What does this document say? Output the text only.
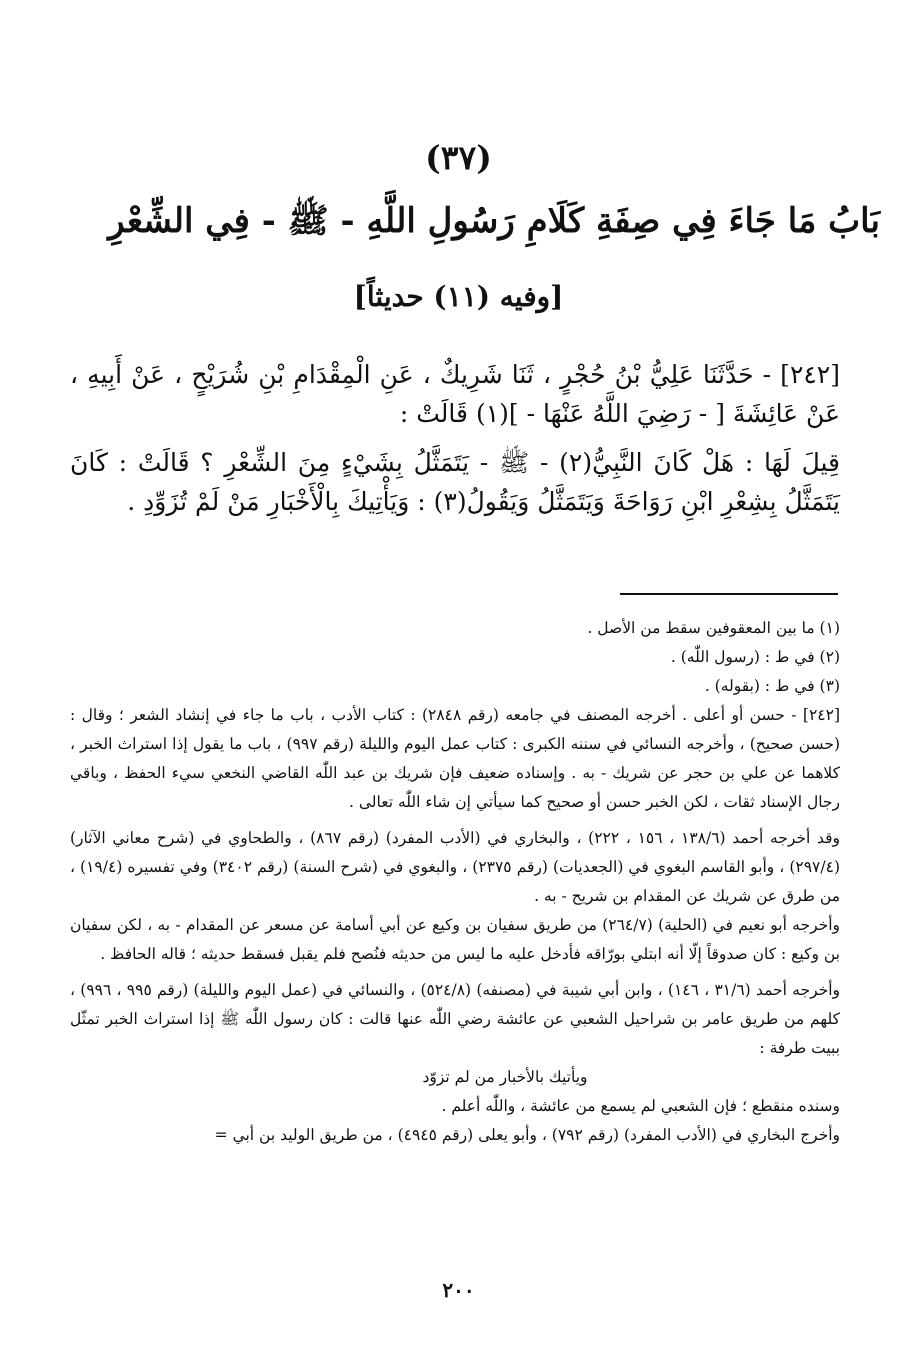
(٣٧)
بَابُ مَا جَاءَ فِي صِفَةِ كَلَامِ رَسُولِ اللَّهِ - ﷺ - فِي الشِّعْرِ
[وفيه (١١) حديثاً]

[٢٤٢] - حَدَّثَنَا عَلِيُّ بْنُ حُجْرٍ ، ثَنَا شَرِيكٌ ، عَنِ الْمِقْدَامِ بْنِ شُرَيْحٍ ، عَنْ أَبِيهِ ، عَنْ عَائِشَةَ [ - رَضِيَ اللَّهُ عَنْهَا - ](١) قَالَتْ :

قِيلَ لَهَا : هَلْ كَانَ النَّبِيُّ(٢) - ﷺ - يَتَمَثَّلُ بِشَيْءٍ مِنَ الشِّعْرِ ؟ قَالَتْ : كَانَ يَتَمَثَّلُ بِشِعْرِ ابْنِ رَوَاحَةَ وَيَتَمَثَّلُ وَيَقُولُ(٣) : وَيَأْتِيكَ بِالْأَخْبَارِ مَنْ لَمْ تُزَوِّدِ .

(١) ما بين المعقوفين سقط من الأصل .

(٢) في ط : (رسول اللّٰه) .

(٣) في ط : (بقوله) .

[٢٤٢] - حسن أو أعلى . أخرجه المصنف في جامعه (رقم ٢٨٤٨) : كتاب الأدب ، باب ما جاء في إنشاد الشعر ؛ وقال : (حسن صحيح) ، وأخرجه النسائي في سننه الكبرى : كتاب عمل اليوم والليلة (رقم ٩٩٧) ، باب ما يقول إذا استراث الخبر ، كلاهما عن علي بن حجر عن شريك - به . وإسناده ضعيف فإن شريك بن عبد اللّٰه القاضي النخعي سيء الحفظ ، وباقي رجال الإسناد ثقات ، لكن الخبر حسن أو صحيح كما سيأتي إن شاء اللّٰه تعالى .

وقد أخرجه أحمد (١٣٨/٦ ، ١٥٦ ، ٢٢٢) ، والبخاري في (الأدب المفرد) (رقم ٨٦٧) ، والطحاوي في (شرح معاني الآثار) (٢٩٧/٤) ، وأبو القاسم البغوي في (الجعديات) (رقم ٢٣٧٥) ، والبغوي في (شرح السنة) (رقم ٣٤٠٢) وفي تفسيره (١٩/٤) ، من طرق عن شريك عن المقدام بن شريح - به .

وأخرجه أبو نعيم في (الحلية) (٢٦٤/٧) من طريق سفيان بن وكيع عن أبي أسامة عن مسعر عن المقدام - به ، لكن سفيان بن وكيع : كان صدوقاً إلّا أنه ابتلي بورّاقه فأدخل عليه ما ليس من حديثه فنُصح فلم يقبل فسقط حديثه ؛ قاله الحافظ .

وأخرجه أحمد (٣١/٦ ، ١٤٦) ، وابن أبي شيبة في (مصنفه) (٥٢٤/٨) ، والنسائي في (عمل اليوم والليلة) (رقم ٩٩٥ ، ٩٩٦) ، كلهم من طريق عامر بن شراحيل الشعبي عن عائشة رضي اللّٰه عنها قالت : كان رسول اللّٰه ﷺ إذا استراث الخبر تمثّل ببيت طرفة :

ويأتيك بالأخبار من لم تزوّد

وسنده منقطع ؛ فإن الشعبي لم يسمع من عائشة ، واللّٰه أعلم .

وأخرج البخاري في (الأدب المفرد) (رقم ٧٩٢) ، وأبو يعلى (رقم ٤٩٤٥) ، من طريق الوليد بن أبي =

٢٠٠
